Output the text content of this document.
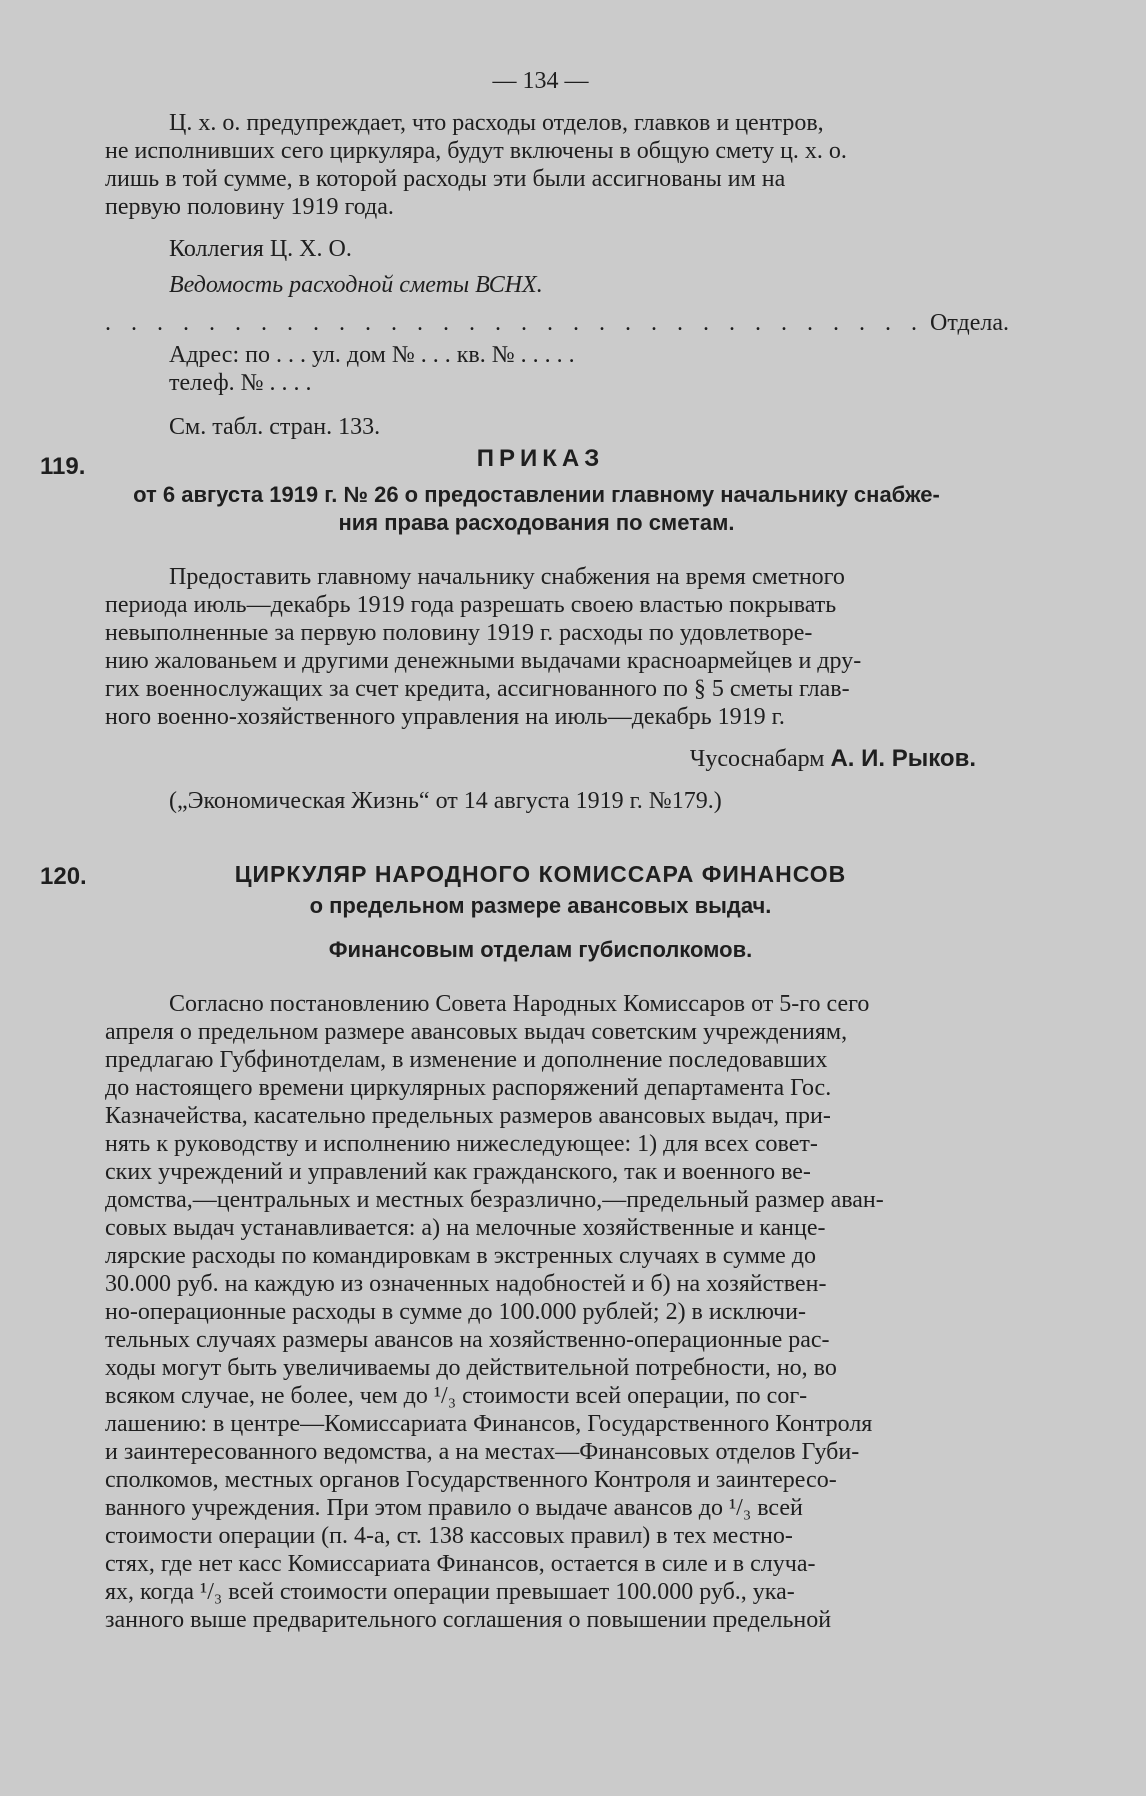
— 134 —
Ц. х. о. предупреждает, что расходы отделов, главков и центров,
не исполнивших сего циркуляра, будут включены в общую смету ц. х. о.
лишь в той сумме, в которой расходы эти были ассигнованы им на
первую половину 1919 года.
Коллегия Ц. Х. О.
Ведомость расходной сметы ВСНХ.
. . . . . . . . . . . . . . . . . . . . . . . . . . . . . . . . Отдела.
Адрес: по . . . ул. дом № . . . кв. № . . . . .
телеф. № . . . .
См. табл. стран. 133.
119.	ПРИКАЗ
от 6 августа 1919 г. № 26 о предоставлении главному начальнику снабже-
ния права расходования по сметам.
Предоставить главному начальнику снабжения на время сметного
периода июль—декабрь 1919 года разрешать своею властью покрывать
невыполненные за первую половину 1919 г. расходы по удовлетворе-
нию жалованьем и другими денежными выдачами красноармейцев и дру-
гих военнослужащих за счет кредита, ассигнованного по § 5 сметы глав-
ного военно-хозяйственного управления на июль—декабрь 1919 г.
Чусоснабарм А. И. Рыков.
(„Экономическая Жизнь“ от 14 августа 1919 г. №179.)
120.	ЦИРКУЛЯР НАРОДНОГО КОМИССАРА ФИНАНСОВ
о предельном размере авансовых выдач.
Финансовым отделам губисполкомов.
Согласно постановлению Совета Народных Комиссаров от 5-го сего
апреля о предельном размере авансовых выдач советским учреждениям,
предлагаю Губфинотделам, в изменение и дополнение последовавших
до настоящего времени циркулярных распоряжений департамента Гос.
Казначейства, касательно предельных размеров авансовых выдач, при-
нять к руководству и исполнению нижеследующее: 1) для всех совет-
ских учреждений и управлений как гражданского, так и военного ве-
домства,—центральных и местных безразлично,—предельный размер аван-
совых выдач устанавливается: а) на мелочные хозяйственные и канце-
лярские расходы по командировкам в экстренных случаях в сумме до
30.000 руб. на каждую из означенных надобностей и б) на хозяйствен-
но-операционные расходы в сумме до 100.000 рублей; 2) в исключи-
тельных случаях размеры авансов на хозяйственно-операционные рас-
ходы могут быть увеличиваемы до действительной потребности, но, во
всяком случае, не более, чем до ¹/₃ стоимости всей операции, по сог-
лашению: в центре—Комиссариата Финансов, Государственного Контроля
и заинтересованного ведомства, а на местах—Финансовых отделов Губи-
сполкомов, местных органов Государственного Контроля и заинтересо-
ванного учреждения. При этом правило о выдаче авансов до ¹/₃ всей
стоимости операции (п. 4-а, ст. 138 кассовых правил) в тех местно-
стях, где нет касс Комиссариата Финансов, остается в силе и в случа-
ях, когда ¹/₃ всей стоимости операции превышает 100.000 руб., ука-
занного выше предварительного соглашения о повышении предельной
